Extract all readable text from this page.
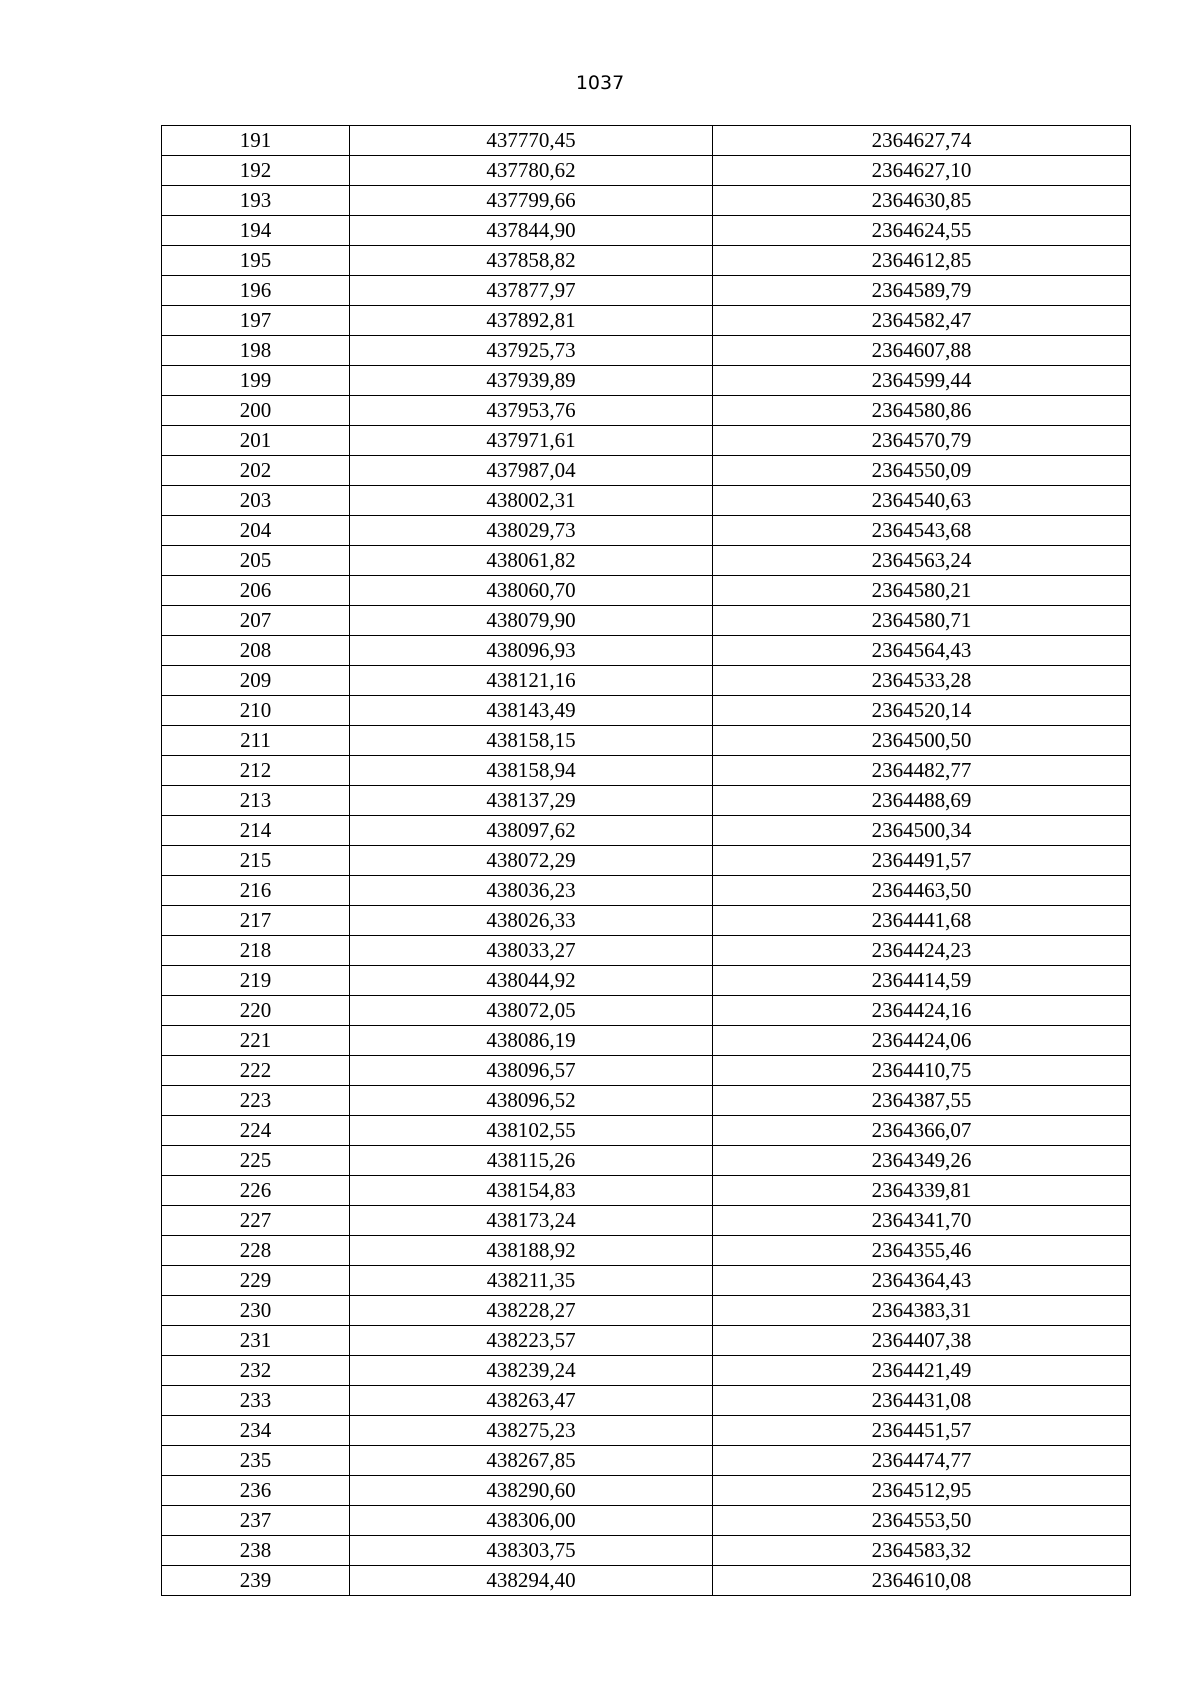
1037
191	437770,45	2364627,74
192	437780,62	2364627,10
193	437799,66	2364630,85
194	437844,90	2364624,55
195	437858,82	2364612,85
196	437877,97	2364589,79
197	437892,81	2364582,47
198	437925,73	2364607,88
199	437939,89	2364599,44
200	437953,76	2364580,86
201	437971,61	2364570,79
202	437987,04	2364550,09
203	438002,31	2364540,63
204	438029,73	2364543,68
205	438061,82	2364563,24
206	438060,70	2364580,21
207	438079,90	2364580,71
208	438096,93	2364564,43
209	438121,16	2364533,28
210	438143,49	2364520,14
211	438158,15	2364500,50
212	438158,94	2364482,77
213	438137,29	2364488,69
214	438097,62	2364500,34
215	438072,29	2364491,57
216	438036,23	2364463,50
217	438026,33	2364441,68
218	438033,27	2364424,23
219	438044,92	2364414,59
220	438072,05	2364424,16
221	438086,19	2364424,06
222	438096,57	2364410,75
223	438096,52	2364387,55
224	438102,55	2364366,07
225	438115,26	2364349,26
226	438154,83	2364339,81
227	438173,24	2364341,70
228	438188,92	2364355,46
229	438211,35	2364364,43
230	438228,27	2364383,31
231	438223,57	2364407,38
232	438239,24	2364421,49
233	438263,47	2364431,08
234	438275,23	2364451,57
235	438267,85	2364474,77
236	438290,60	2364512,95
237	438306,00	2364553,50
238	438303,75	2364583,32
239	438294,40	2364610,08
